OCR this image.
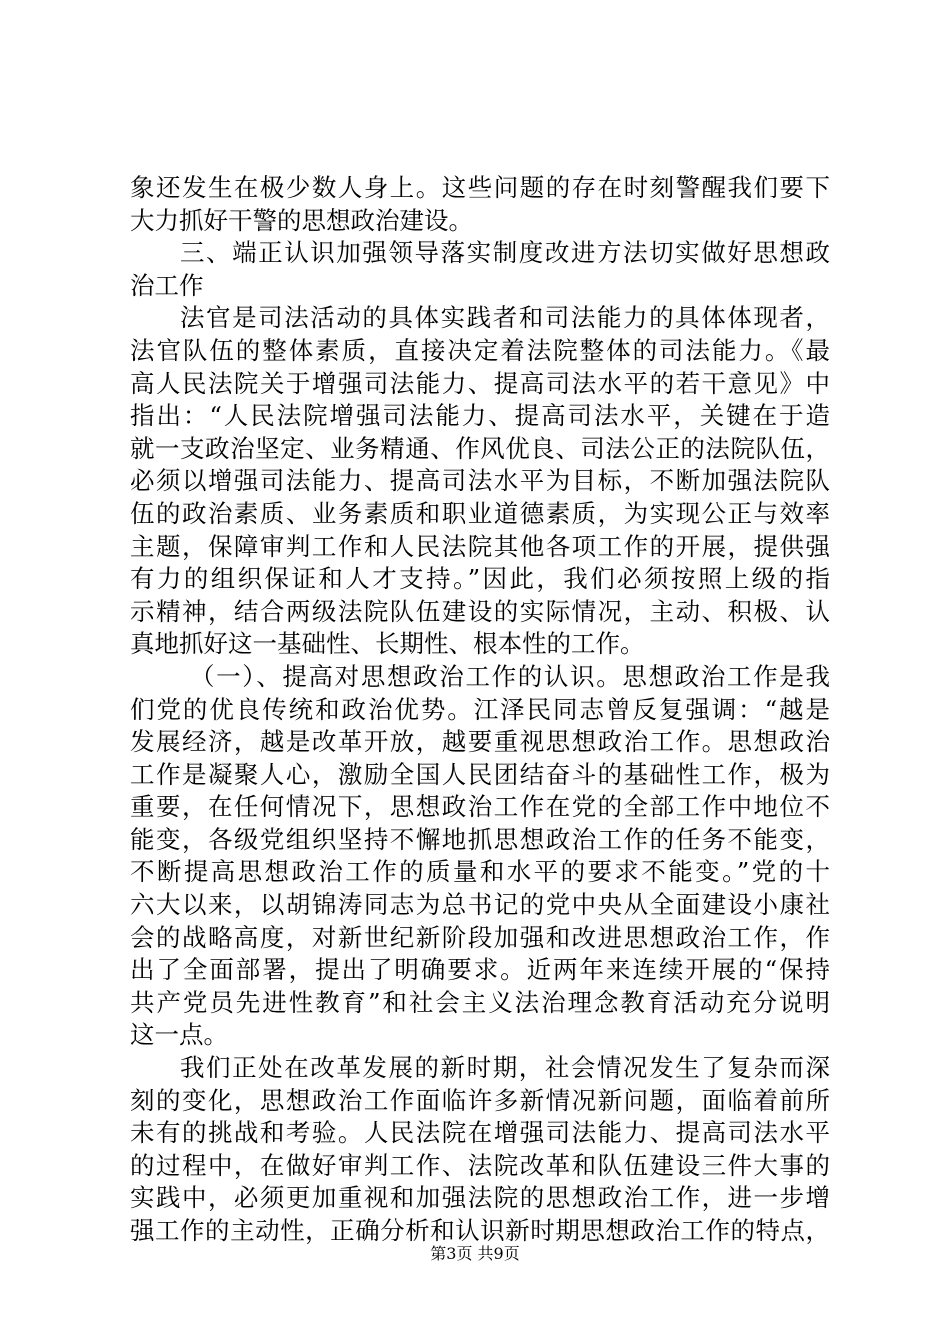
象还发生在极少数人身上。这些问题的存在时刻警醒我们要下
大力抓好干警的思想政治建设。
三、端正认识加强领导落实制度改进方法切实做好思想政
治工作
法官是司法活动的具体实践者和司法能力的具体体现者，
法官队伍的整体素质，直接决定着法院整体的司法能力。《最
高人民法院关于增强司法能力、提高司法水平的若干意见》中
指出：“人民法院增强司法能力、提高司法水平，关键在于造
就一支政治坚定、业务精通、作风优良、司法公正的法院队伍，
必须以增强司法能力、提高司法水平为目标，不断加强法院队
伍的政治素质、业务素质和职业道德素质，为实现公正与效率
主题，保障审判工作和人民法院其他各项工作的开展，提供强
有力的组织保证和人才支持。”因此，我们必须按照上级的指
示精神，结合两级法院队伍建设的实际情况，主动、积极、认
真地抓好这一基础性、长期性、根本性的工作。
（一）、提高对思想政治工作的认识。思想政治工作是我
们党的优良传统和政治优势。江泽民同志曾反复强调：“越是
发展经济，越是改革开放，越要重视思想政治工作。思想政治
工作是凝聚人心，激励全国人民团结奋斗的基础性工作，极为
重要，在任何情况下，思想政治工作在党的全部工作中地位不
能变，各级党组织坚持不懈地抓思想政治工作的任务不能变，
不断提高思想政治工作的质量和水平的要求不能变。”党的十
六大以来，以胡锦涛同志为总书记的党中央从全面建设小康社
会的战略高度，对新世纪新阶段加强和改进思想政治工作，作
出了全面部署，提出了明确要求。近两年来连续开展的“保持
共产党员先进性教育”和社会主义法治理念教育活动充分说明
这一点。
我们正处在改革发展的新时期，社会情况发生了复杂而深
刻的变化，思想政治工作面临许多新情况新问题，面临着前所
未有的挑战和考验。人民法院在增强司法能力、提高司法水平
的过程中，在做好审判工作、法院改革和队伍建设三件大事的
实践中，必须更加重视和加强法院的思想政治工作，进一步增
强工作的主动性，正确分析和认识新时期思想政治工作的特点，
第3页 共9页
